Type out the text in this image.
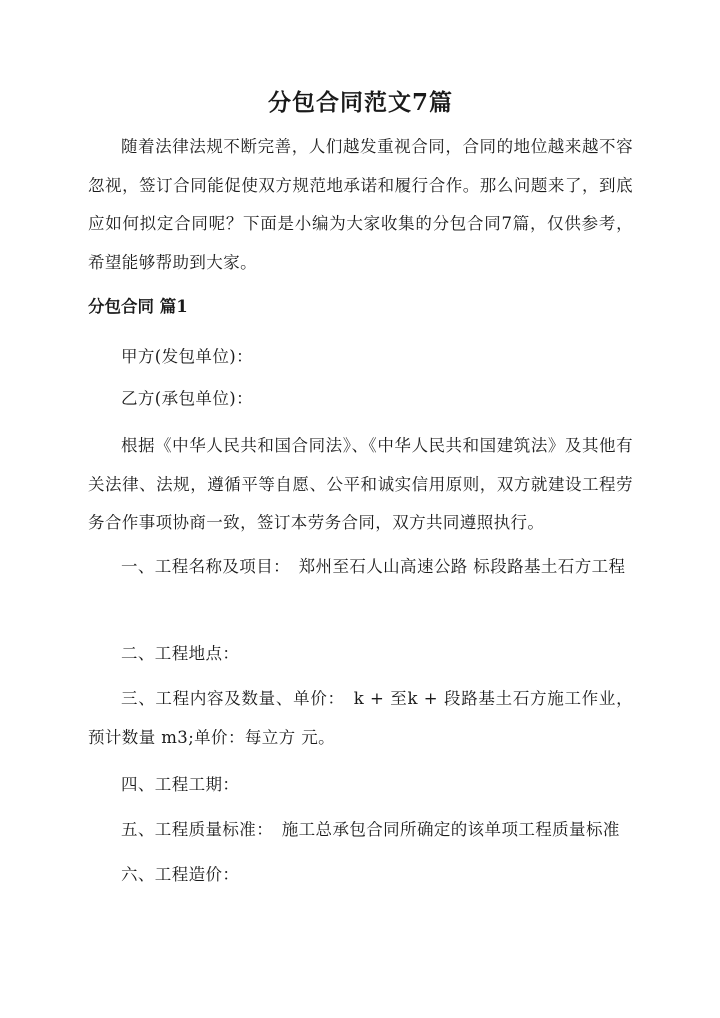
分包合同范文7篇

随着法律法规不断完善，人们越发重视合同，合同的地位越来越不容忽视，签订合同能促使双方规范地承诺和履行合作。那么问题来了，到底应如何拟定合同呢？下面是小编为大家收集的分包合同7篇，仅供参考，希望能够帮助到大家。

分包合同 篇1

甲方(发包单位)：

乙方(承包单位)：

根据《中华人民共和国合同法》、《中华人民共和国建筑法》及其他有关法律、法规，遵循平等自愿、公平和诚实信用原则，双方就建设工程劳务合作事项协商一致，签订本劳务合同，双方共同遵照执行。

一、工程名称及项目：　郑州至石人山高速公路 标段路基土石方工程

二、工程地点：

三、工程内容及数量、单价：　k + 至k + 段路基土石方施工作业，预计数量 m3;单价：每立方 元。

四、工程工期：

五、工程质量标准：　施工总承包合同所确定的该单项工程质量标准

六、工程造价：
